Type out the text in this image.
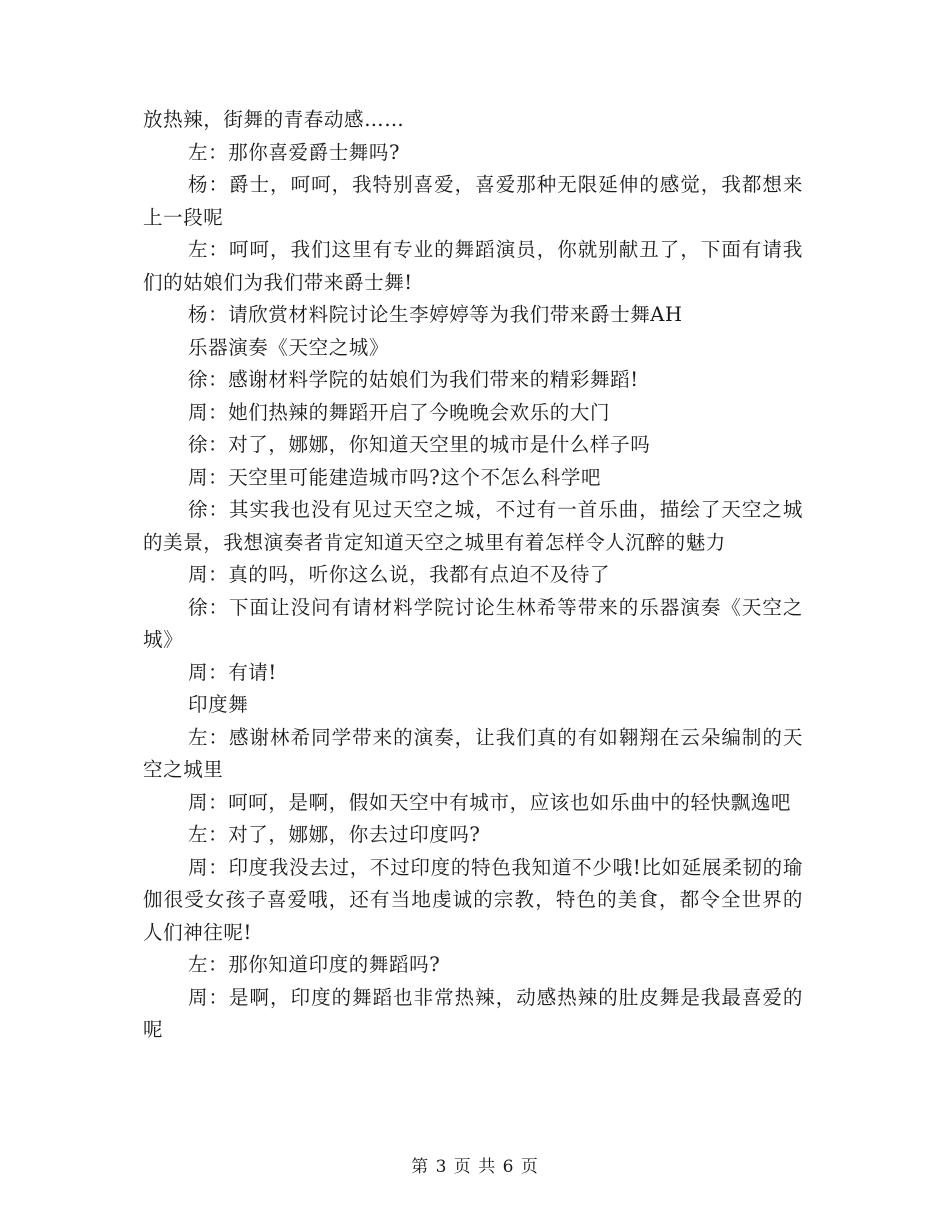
放热辣，街舞的青春动感……

左：那你喜爱爵士舞吗?

杨：爵士，呵呵，我特别喜爱，喜爱那种无限延伸的感觉，我都想来上一段呢

左：呵呵，我们这里有专业的舞蹈演员，你就别献丑了，下面有请我们的姑娘们为我们带来爵士舞!

杨：请欣赏材料院讨论生李婷婷等为我们带来爵士舞AH

乐器演奏《天空之城》

徐：感谢材料学院的姑娘们为我们带来的精彩舞蹈!

周：她们热辣的舞蹈开启了今晚晚会欢乐的大门

徐：对了，娜娜，你知道天空里的城市是什么样子吗

周：天空里可能建造城市吗?这个不怎么科学吧

徐：其实我也没有见过天空之城，不过有一首乐曲，描绘了天空之城的美景，我想演奏者肯定知道天空之城里有着怎样令人沉醉的魅力

周：真的吗，听你这么说，我都有点迫不及待了

徐：下面让没问有请材料学院讨论生林希等带来的乐器演奏《天空之城》

周：有请!

印度舞

左：感谢林希同学带来的演奏，让我们真的有如翱翔在云朵编制的天空之城里

周：呵呵，是啊，假如天空中有城市，应该也如乐曲中的轻快飘逸吧

左：对了，娜娜，你去过印度吗?

周：印度我没去过，不过印度的特色我知道不少哦!比如延展柔韧的瑜伽很受女孩子喜爱哦，还有当地虔诚的宗教，特色的美食，都令全世界的人们神往呢!

左：那你知道印度的舞蹈吗?

周：是啊，印度的舞蹈也非常热辣，动感热辣的肚皮舞是我最喜爱的呢

第 3 页 共 6 页
